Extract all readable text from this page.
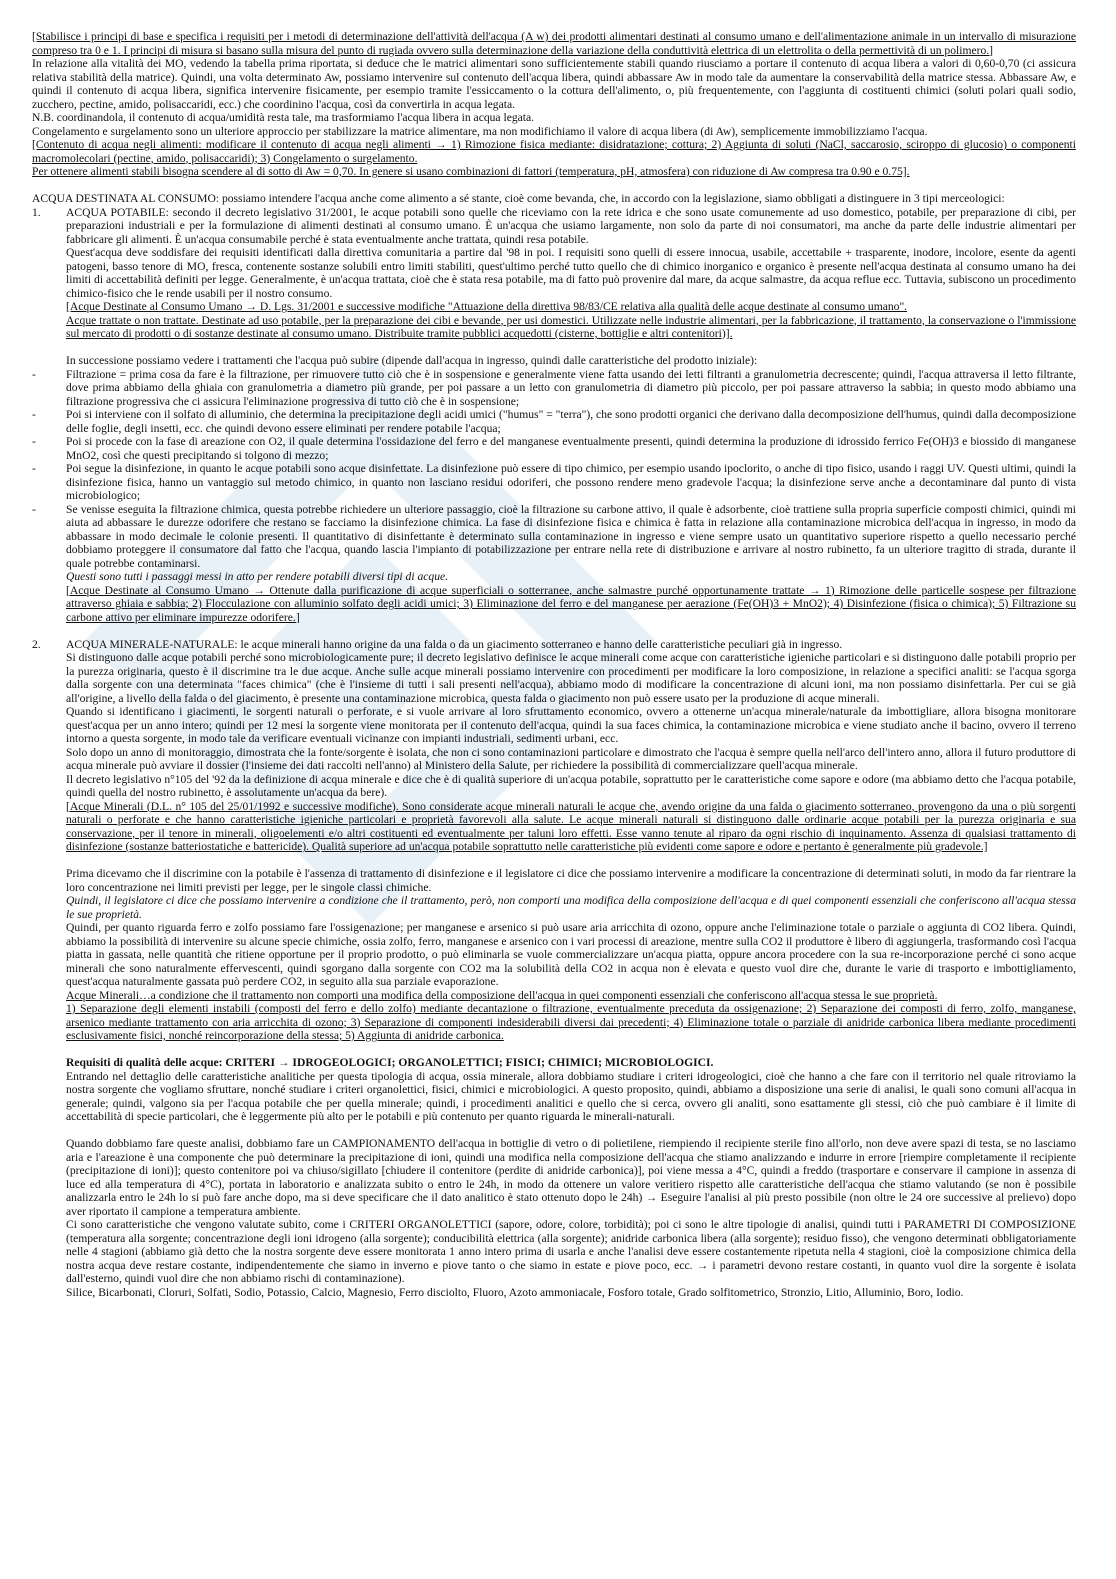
[Stabilisce i principi di base e specifica i requisiti per i metodi di determinazione dell'attività dell'acqua (A w) dei prodotti alimentari destinati al consumo umano e dell'alimentazione animale in un intervallo di misurazione compreso tra 0 e 1. I principi di misura si basano sulla misura del punto di rugiada ovvero sulla determinazione della variazione della conduttività elettrica di un elettrolita o della permettività di un polimero.]

In relazione alla vitalità dei MO, vedendo la tabella prima riportata, si deduce che le matrici alimentari sono sufficientemente stabili quando riusciamo a portare il contenuto di acqua libera a valori di 0,60-0,70 (ci assicura relativa stabilità della matrice). Quindi, una volta determinato Aw, possiamo intervenire sul contenuto dell'acqua libera, quindi abbassare Aw in modo tale da aumentare la conservabilità della matrice stessa. Abbassare Aw, e quindi il contenuto di acqua libera, significa intervenire fisicamente, per esempio tramite l'essiccamento o la cottura dell'alimento, o, più frequentemente, con l'aggiunta di costituenti chimici (soluti polari quali sodio, zucchero, pectine, amido, polisaccaridi, ecc.) che coordinino l'acqua, così da convertirla in acqua legata.

N.B. coordinandola, il contenuto di acqua/umidità resta tale, ma trasformiamo l'acqua libera in acqua legata.

Congelamento e surgelamento sono un ulteriore approccio per stabilizzare la matrice alimentare, ma non modifichiamo il valore di acqua libera (di Aw), semplicemente immobilizziamo l'acqua.

[Contenuto di acqua negli alimenti: modificare il contenuto di acqua negli alimenti → 1) Rimozione fisica mediante: disidratazione; cottura; 2) Aggiunta di soluti (NaCl, saccarosio, sciroppo di glucosio) o componenti macromolecolari (pectine, amido, polisaccaridi); 3) Congelamento o surgelamento.

Per ottenere alimenti stabili bisogna scendere al di sotto di Aw = 0,70. In genere si usano combinazioni di fattori (temperatura, pH, atmosfera) con riduzione di Aw compresa tra 0.90 e 0.75].

ACQUA DESTINATA AL CONSUMO: possiamo intendere l'acqua anche come alimento a sé stante, cioè come bevanda, che, in accordo con la legislazione, siamo obbligati a distinguere in 3 tipi merceologici:

1. ACQUA POTABILE: secondo il decreto legislativo 31/2001, le acque potabili sono quelle che riceviamo con la rete idrica e che sono usate comunemente ad uso domestico, potabile, per preparazione di cibi, per preparazioni industriali e per la formulazione di alimenti destinati al consumo umano. È un'acqua che usiamo largamente, non solo da parte di noi consumatori, ma anche da parte delle industrie alimentari per fabbricare gli alimenti. È un'acqua consumabile perché è stata eventualmente anche trattata, quindi resa potabile.

Quest'acqua deve soddisfare dei requisiti identificati dalla direttiva comunitaria a partire dal '98 in poi. I requisiti sono quelli di essere innocua, usabile, accettabile + trasparente, inodore, incolore, esente da agenti patogeni, basso tenore di MO, fresca, contenente sostanze solubili entro limiti stabiliti, quest'ultimo perché tutto quello che di chimico inorganico e organico è presente nell'acqua destinata al consumo umano ha dei limiti di accettabilità definiti per legge. Generalmente, è un'acqua trattata, cioè che è stata resa potabile, ma di fatto può provenire dal mare, da acque salmastre, da acqua reflue ecc. Tuttavia, subiscono un procedimento chimico-fisico che le rende usabili per il nostro consumo.

[Acque Destinate al Consumo Umano → D. Lgs. 31/2001 e successive modifiche "Attuazione della direttiva 98/83/CE relativa alla qualità delle acque destinate al consumo umano".

Acque trattate o non trattate. Destinate ad uso potabile, per la preparazione dei cibi e bevande, per usi domestici. Utilizzate nelle industrie alimentari, per la fabbricazione, il trattamento, la conservazione o l'immissione sul mercato di prodotti o di sostanze destinate al consumo umano. Distribuite tramite pubblici acquedotti (cisterne, bottiglie e altri contenitori)].

In successione possiamo vedere i trattamenti che l'acqua può subire (dipende dall'acqua in ingresso, quindi dalle caratteristiche del prodotto iniziale):

-	Filtrazione = prima cosa da fare è la filtrazione, per rimuovere tutto ciò che è in sospensione e generalmente viene fatta usando dei letti filtranti a granulometria decrescente; quindi, l'acqua attraversa il letto filtrante, dove prima abbiamo della ghiaia con granulometria a diametro più grande, per poi passare a un letto con granulometria di diametro più piccolo, per poi passare attraverso la sabbia; in questo modo abbiamo una filtrazione progressiva che ci assicura l'eliminazione progressiva di tutto ciò che è in sospensione;

-	Poi si interviene con il solfato di alluminio, che determina la precipitazione degli acidi umici ("humus" = "terra"), che sono prodotti organici che derivano dalla decomposizione dell'humus, quindi dalla decomposizione delle foglie, degli insetti, ecc. che quindi devono essere eliminati per rendere potabile l'acqua;

-	Poi si procede con la fase di areazione con O2, il quale determina l'ossidazione del ferro e del manganese eventualmente presenti, quindi determina la produzione di idrossido ferrico Fe(OH)3 e biossido di manganese MnO2, così che questi precipitando si tolgono di mezzo;

-	Poi segue la disinfezione, in quanto le acque potabili sono acque disinfettate. La disinfezione può essere di tipo chimico, per esempio usando ipoclorito, o anche di tipo fisico, usando i raggi UV. Questi ultimi, quindi la disinfezione fisica, hanno un vantaggio sul metodo chimico, in quanto non lasciano residui odoriferi, che possono rendere meno gradevole l'acqua; la disinfezione serve anche a decontaminare dal punto di vista microbiologico;

-	Se venisse eseguita la filtrazione chimica, questa potrebbe richiedere un ulteriore passaggio, cioè la filtrazione su carbone attivo, il quale è adsorbente, cioè trattiene sulla propria superficie composti chimici, quindi mi aiuta ad abbassare le durezze odorifere che restano se facciamo la disinfezione chimica. La fase di disinfezione fisica e chimica è fatta in relazione alla contaminazione microbica dell'acqua in ingresso, in modo da abbassare in modo decimale le colonie presenti. Il quantitativo di disinfettante è determinato sulla contaminazione in ingresso e viene sempre usato un quantitativo superiore rispetto a quello necessario perché dobbiamo proteggere il consumatore dal fatto che l'acqua, quando lascia l'impianto di potabilizzazione per entrare nella rete di distribuzione e arrivare al nostro rubinetto, fa un ulteriore tragitto di strada, durante il quale potrebbe contaminarsi.

Questi sono tutti i passaggi messi in atto per rendere potabili diversi tipi di acque.

[Acque Destinate al Consumo Umano → Ottenute dalla purificazione di acque superficiali o sotterranee, anche salmastre purché opportunamente trattate → 1) Rimozione delle particelle sospese per filtrazione attraverso ghiaia e sabbia; 2) Flocculazione con alluminio solfato degli acidi umici; 3) Eliminazione del ferro e del manganese per aerazione (Fe(OH)3 + MnO2); 4) Disinfezione (fisica o chimica); 5) Filtrazione su carbone attivo per eliminare impurezze odorifere.]

2. ACQUA MINERALE-NATURALE: le acque minerali hanno origine da una falda o da un giacimento sotterraneo e hanno delle caratteristiche peculiari già in ingresso.

Si distinguono dalle acque potabili perché sono microbiologicamente pure; il decreto legislativo definisce le acque minerali come acque con caratteristiche igieniche particolari e si distinguono dalle potabili proprio per la purezza originaria, questo è il discrimine tra le due acque. Anche sulle acque minerali possiamo intervenire con procedimenti per modificare la loro composizione, in relazione a specifici analiti: se l'acqua sgorga dalla sorgente con una determinata "faces chimica" (che è l'insieme di tutti i sali presenti nell'acqua), abbiamo modo di modificare la concentrazione di alcuni ioni, ma non possiamo disinfettarla. Per cui se già all'origine, a livello della falda o del giacimento, è presente una contaminazione microbica, questa falda o giacimento non può essere usato per la produzione di acque minerali.

Quando si identificano i giacimenti, le sorgenti naturali o perforate, e si vuole arrivare al loro sfruttamento economico, ovvero a ottenerne un'acqua minerale/naturale da imbottigliare, allora bisogna monitorare quest'acqua per un anno intero; quindi per 12 mesi la sorgente viene monitorata per il contenuto dell'acqua, quindi la sua faces chimica, la contaminazione microbica e viene studiato anche il bacino, ovvero il terreno intorno a questa sorgente, in modo tale da verificare eventuali vicinanze con impianti industriali, sedimenti urbani, ecc.

Solo dopo un anno di monitoraggio, dimostrata che la fonte/sorgente è isolata, che non ci sono contaminazioni particolare e dimostrato che l'acqua è sempre quella nell'arco dell'intero anno, allora il futuro produttore di acqua minerale può avviare il dossier (l'insieme dei dati raccolti nell'anno) al Ministero della Salute, per richiedere la possibilità di commercializzare quell'acqua minerale.

Il decreto legislativo n°105 del '92 da la definizione di acqua minerale e dice che è di qualità superiore di un'acqua potabile, soprattutto per le caratteristiche come sapore e odore (ma abbiamo detto che l'acqua potabile, quindi quella del nostro rubinetto, è assolutamente un'acqua da bere).

[Acque Minerali (D.L. n° 105 del 25/01/1992 e successive modifiche). Sono considerate acque minerali naturali le acque che, avendo origine da una falda o giacimento sotterraneo, provengono da una o più sorgenti naturali o perforate e che hanno caratteristiche igieniche particolari e proprietà favorevoli alla salute. Le acque minerali naturali si distinguono dalle ordinarie acque potabili per la purezza originaria e sua conservazione, per il tenore in minerali, oligoelementi e/o altri costituenti ed eventualmente per taluni loro effetti. Esse vanno tenute al riparo da ogni rischio di inquinamento. Assenza di qualsiasi trattamento di disinfezione (sostanze batteriostatiche e battericide). Qualità superiore ad un'acqua potabile soprattutto nelle caratteristiche più evidenti come sapore e odore e pertanto è generalmente più gradevole.]

Prima dicevamo che il discrimine con la potabile è l'assenza di trattamento di disinfezione e il legislatore ci dice che possiamo intervenire a modificare la concentrazione di determinati soluti, in modo da far rientrare la loro concentrazione nei limiti previsti per legge, per le singole classi chimiche.

Quindi, il legislatore ci dice che possiamo intervenire a condizione che il trattamento, però, non comporti una modifica della composizione dell'acqua e di quei componenti essenziali che conferiscono all'acqua stessa le sue proprietà.

Quindi, per quanto riguarda ferro e zolfo possiamo fare l'ossigenazione; per manganese e arsenico si può usare aria arricchita di ozono, oppure anche l'eliminazione totale o parziale o aggiunta di CO2 libera. Quindi, abbiamo la possibilità di intervenire su alcune specie chimiche, ossia zolfo, ferro, manganese e arsenico con i vari processi di areazione, mentre sulla CO2 il produttore è libero di aggiungerla, trasformando così l'acqua piatta in gassata, nelle quantità che ritiene opportune per il proprio prodotto, o può eliminarla se vuole commercializzare un'acqua piatta, oppure ancora procedere con la sua re-incorporazione perché ci sono acque minerali che sono naturalmente effervescenti, quindi sgorgano dalla sorgente con CO2 ma la solubilità della CO2 in acqua non è elevata e questo vuol dire che, durante le varie di trasporto e imbottigliamento, quest'acqua naturalmente gassata può perdere CO2, in seguito alla sua parziale evaporazione.

Acque Minerali…a condizione che il trattamento non comporti una modifica della composizione dell'acqua in quei componenti essenziali che conferiscono all'acqua stessa le sue proprietà.

1) Separazione degli elementi instabili (composti del ferro e dello zolfo) mediante decantazione o filtrazione, eventualmente preceduta da ossigenazione; 2) Separazione dei composti di ferro, zolfo, manganese, arsenico mediante trattamento con aria arricchita di ozono; 3) Separazione di componenti indesiderabili diversi dai precedenti; 4) Eliminazione totale o parziale di anidride carbonica libera mediante procedimenti esclusivamente fisici, nonché reincorporazione della stessa; 5) Aggiunta di anidride carbonica.

Requisiti di qualità delle acque: CRITERI → IDROGEOLOGICI; ORGANOLETTICI; FISICI; CHIMICI; MICROBIOLOGICI.

Entrando nel dettaglio delle caratteristiche analitiche per questa tipologia di acqua, ossia minerale, allora dobbiamo studiare i criteri idrogeologici, cioè che hanno a che fare con il territorio nel quale ritroviamo la nostra sorgente che vogliamo sfruttare, nonché studiare i criteri organolettici, fisici, chimici e microbiologici. A questo proposito, quindi, abbiamo a disposizione una serie di analisi, le quali sono comuni all'acqua in generale; quindi, valgono sia per l'acqua potabile che per quella minerale; quindi, i procedimenti analitici e quello che si cerca, ovvero gli analiti, sono esattamente gli stessi, ciò che può cambiare è il limite di accettabilità di specie particolari, che è leggermente più alto per le potabili e più contenuto per quanto riguarda le minerali-naturali.

Quando dobbiamo fare queste analisi, dobbiamo fare un CAMPIONAMENTO dell'acqua in bottiglie di vetro o di polietilene, riempiendo il recipiente sterile fino all'orlo, non deve avere spazi di testa, se no lasciamo aria e l'areazione è una componente che può determinare la precipitazione di ioni, quindi una modifica nella composizione dell'acqua che stiamo analizzando e indurre in errore [riempire completamente il recipiente (precipitazione di ioni)]; questo contenitore poi va chiuso/sigillato [chiudere il contenitore (perdite di anidride carbonica)], poi viene messa a 4°C, quindi a freddo (trasportare e conservare il campione in assenza di luce ed alla temperatura di 4°C), portata in laboratorio e analizzata subito o entro le 24h, in modo da ottenere un valore veritiero rispetto alle caratteristiche dell'acqua che stiamo valutando (se non è possibile analizzarla entro le 24h lo si può fare anche dopo, ma si deve specificare che il dato analitico è stato ottenuto dopo le 24h) → Eseguire l'analisi al più presto possibile (non oltre le 24 ore successive al prelievo) dopo aver riportato il campione a temperatura ambiente.

Ci sono caratteristiche che vengono valutate subito, come i CRITERI ORGANOLETTICI (sapore, odore, colore, torbidità); poi ci sono le altre tipologie di analisi, quindi tutti i PARAMETRI DI COMPOSIZIONE (temperatura alla sorgente; concentrazione degli ioni idrogeno (alla sorgente); conducibilità elettrica (alla sorgente); anidride carbonica libera (alla sorgente); residuo fisso), che vengono determinati obbligatoriamente nelle 4 stagioni (abbiamo già detto che la nostra sorgente deve essere monitorata 1 anno intero prima di usarla e anche l'analisi deve essere costantemente ripetuta nella 4 stagioni, cioè la composizione chimica della nostra acqua deve restare costante, indipendentemente che siamo in inverno e piove tanto o che siamo in estate e piove poco, ecc. → i parametri devono restare costanti, in quanto vuol dire la sorgente è isolata dall'esterno, quindi vuol dire che non abbiamo rischi di contaminazione).

Silice, Bicarbonati, Cloruri, Solfati, Sodio, Potassio, Calcio, Magnesio, Ferro disciolto, Fluoro, Azoto ammoniacale, Fosforo totale, Grado solfitometrico, Stronzio, Litio, Alluminio, Boro, Iodio.
